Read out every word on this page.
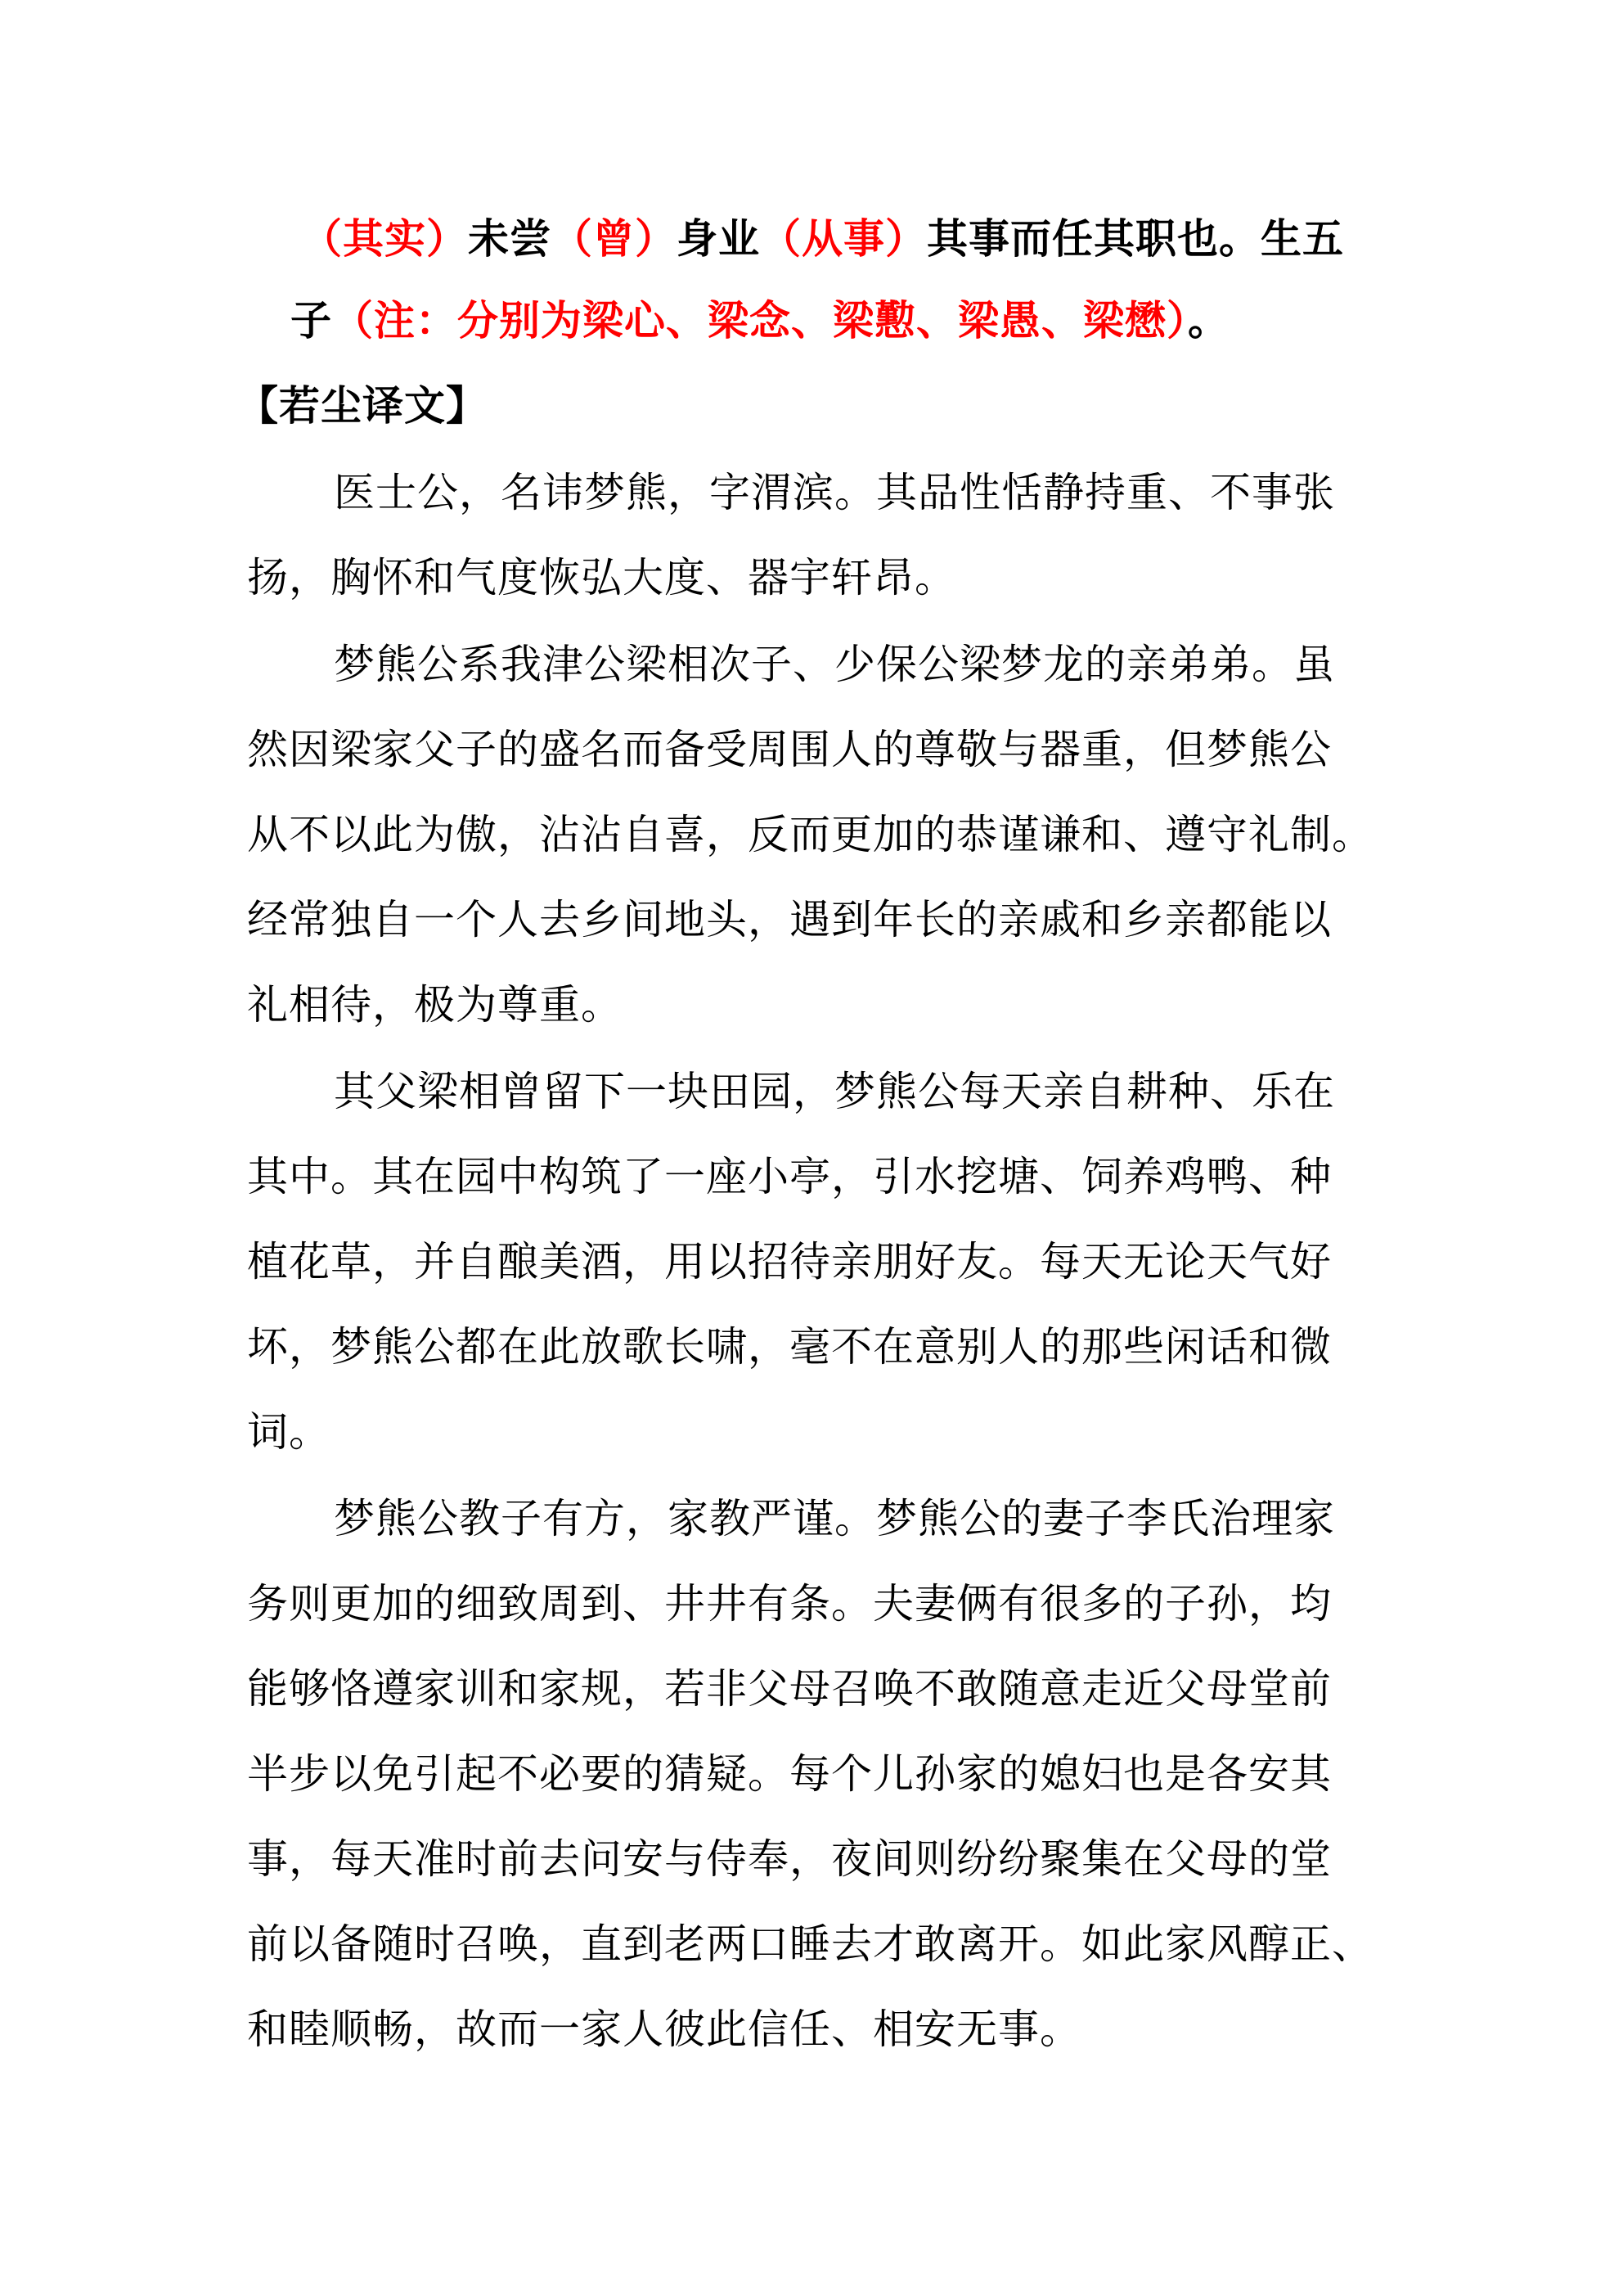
（其实）未尝（曾）身业（从事）其事而任其职也。生五
子（注：分别为梁心、梁念、梁懃、梁愚、梁懋）。
【若尘译文】
医士公，名讳梦熊，字渭滨。其品性恬静持重、不事张
扬，胸怀和气度恢弘大度、器宇轩昂。
梦熊公系我津公梁相次子、少保公梁梦龙的亲弟弟。虽
然因梁家父子的盛名而备受周围人的尊敬与器重，但梦熊公
从不以此为傲，沾沾自喜，反而更加的恭谨谦和、遵守礼制。
经常独自一个人去乡间地头，遇到年长的亲戚和乡亲都能以
礼相待，极为尊重。
其父梁相曾留下一块田园，梦熊公每天亲自耕种、乐在
其中。其在园中构筑了一座小亭，引水挖塘、饲养鸡鸭、种
植花草，并自酿美酒，用以招待亲朋好友。每天无论天气好
坏，梦熊公都在此放歌长啸，毫不在意别人的那些闲话和微
词。
梦熊公教子有方，家教严谨。梦熊公的妻子李氏治理家
务则更加的细致周到、井井有条。夫妻俩有很多的子孙，均
能够恪遵家训和家规，若非父母召唤不敢随意走近父母堂前
半步以免引起不必要的猜疑。每个儿孙家的媳妇也是各安其
事，每天准时前去问安与侍奉，夜间则纷纷聚集在父母的堂
前以备随时召唤，直到老两口睡去才敢离开。如此家风醇正、
和睦顺畅，故而一家人彼此信任、相安无事。
